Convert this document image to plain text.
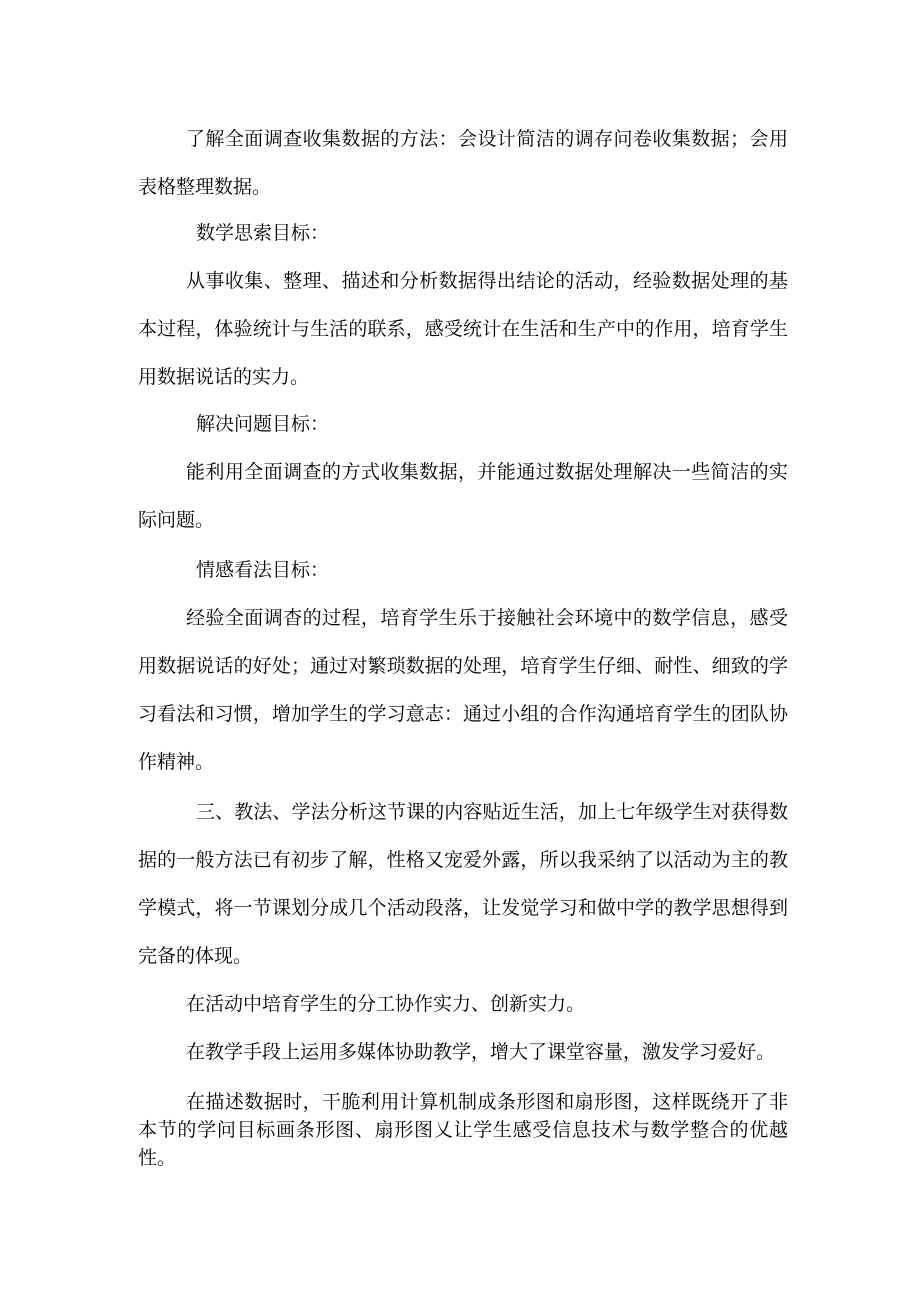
了解全面调查收集数据的方法：会设计简洁的调存问卷收集数据；会用表格整理数据。

数学思索目标：

从事收集、整理、描述和分析数据得出结论的活动，经验数据处理的基本过程，体验统计与生活的联系，感受统计在生活和生产中的作用，培育学生用数据说话的实力。

解决问题目标：

能利用全面调查的方式收集数据，并能通过数据处理解决一些简洁的实际问题。

情感看法目标：

经验全面调杳的过程，培育学生乐于接触社会环境中的数学信息，感受用数据说话的好处；通过对繁琐数据的处理，培育学生仔细、耐性、细致的学习看法和习惯，增加学生的学习意志：通过小组的合作沟通培育学生的团队协作精神。

三、教法、学法分析这节课的内容贴近生活，加上七年级学生对获得数据的一般方法已有初步了解，性格又宠爱外露，所以我采纳了以活动为主的教学模式，将一节课划分成几个活动段落，让发觉学习和做中学的教学思想得到完备的体现。

在活动中培育学生的分工协作实力、创新实力。

在教学手段上运用多媒体协助教学，增大了课堂容量，激发学习爱好。

在描述数据时，干脆利用计算机制成条形图和扇形图，这样既绕开了非本节的学问目标画条形图、扇形图乂让学生感受信息技术与数学整合的优越性。
